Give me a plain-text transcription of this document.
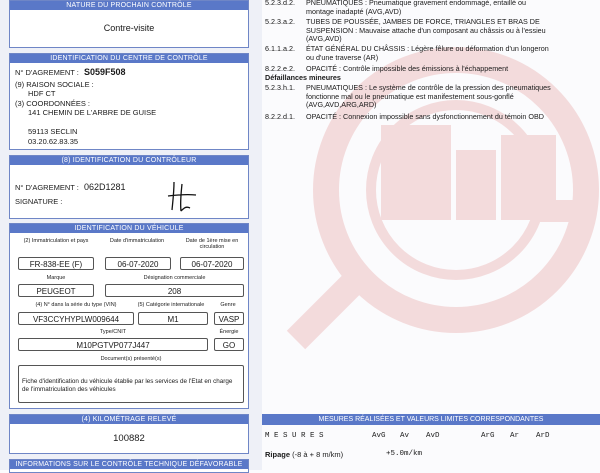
NATURE DU PROCHAIN CONTRÔLE
Contre-visite
IDENTIFICATION DU CENTRE DE CONTRÔLE
N° D'AGREMENT : S059F508
(9) RAISON SOCIALE :
HDF CT
(3) COORDONNÉES :
141 CHEMIN DE L'ARBRE DE GUISE
59113 SECLIN
03.20.62.83.35
(8) IDENTIFICATION DU CONTRÔLEUR
N° D'AGREMENT : 062D1281
SIGNATURE :
IDENTIFICATION DU VÉHICULE
(2) Immatriculation et pays	Date d'immatriculation	Date de 1ère mise en circulation
FR-838-EE (F)	06-07-2020	06-07-2020
Marque	Désignation commerciale
PEUGEOT	208
(4) N° dans la série du type (VIN)	(5) Catégorie internationale	Genre
VF3CCYHYPLW009644	M1	VASP
Type/CNIT	Énergie
M10PGTVP077J447	GO
Document(s) présenté(s)
Fiche d'identification du véhicule établie par les services de l'Etat en charge
de l'immatriculation des véhicules
(4) KILOMÉTRAGE RELEVÉ
100882
INFORMATIONS SUR LE CONTRÔLE TECHNIQUE DÉFAVORABLE
5.2.3.d.2. PNEUMATIQUES : Pneumatique gravement endommagé, entaillé ou
montage inadapté (AVG,AVD)
5.2.3.a.2. TUBES DE POUSSÉE, JAMBES DE FORCE, TRIANGLES ET BRAS DE
SUSPENSION : Mauvaise attache d'un composant au châssis ou à l'essieu
(AVG,AVD)
6.1.1.a.2. ÉTAT GÉNÉRAL DU CHÂSSIS : Légère fêlure ou déformation d'un longeron
ou d'une traverse (AR)
8.2.2.e.2. OPACITÉ : Contrôle impossible des émissions à l'échappement
Défaillances mineures
5.2.3.h.1. PNEUMATIQUES : Le système de contrôle de la pression des pneumatiques
fonctionne mal ou le pneumatique est manifestement sous-gonflé
(AVG,AVD,ARG,ARD)
8.2.2.d.1. OPACITÉ : Connexion impossible sans dysfonctionnement du témoin OBD
MESURES RÉALISÉES ET VALEURS LIMITES CORRESPONDANTES
M E S U R E S	AvG Av AvD	ArG Ar ArD
Ripage (-8 à + 8 m/km)	+5.0m/km
